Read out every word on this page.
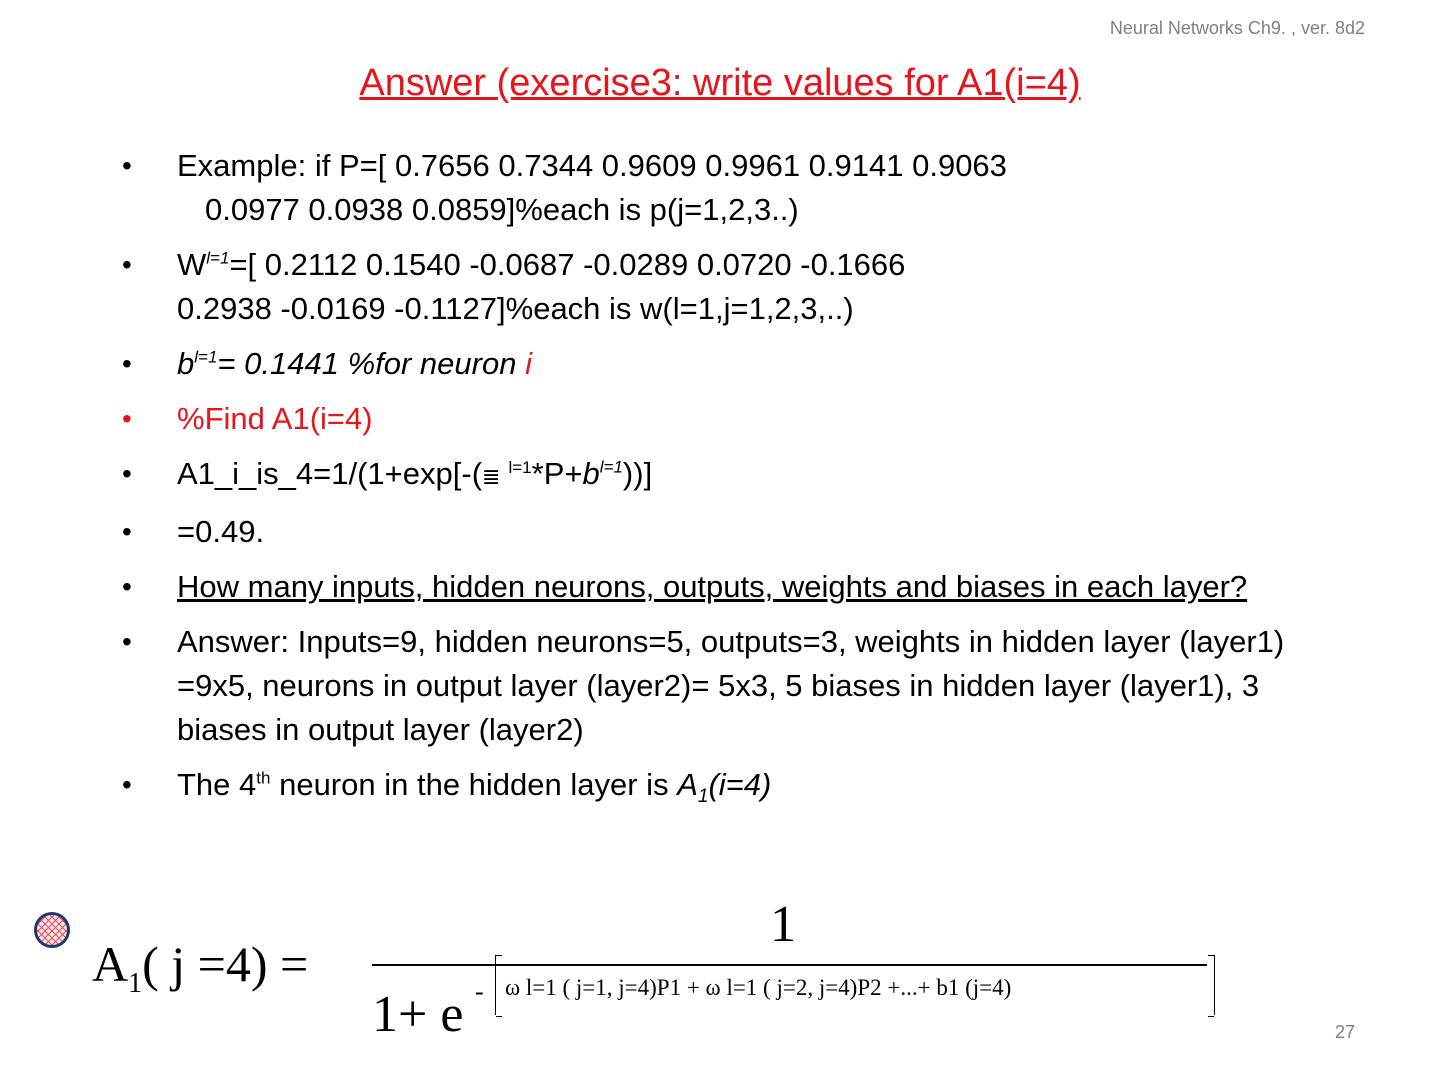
Neural Networks Ch9. , ver. 8d2
Answer (exercise3: write values for A1(i=4)
• Example: if P=[ 0.7656 0.7344 0.9609 0.9961 0.9141 0.9063
0.0977 0.0938 0.0859]%each is p(j=1,2,3..)
• $W^{l=1}=$[ 0.2112 0.1540 -0.0687 -0.0289 0.0720 -0.1666
0.2938 -0.0169 -0.1127]%each is w(l=1,j=1,2,3,..)
• $b^{l=1}= 0.1441$ %for neuron i
• %Find A1(i=4)
• A1_i_is_4=1/(1+exp[-(≣ $^{l=1}*P+b^{l=1}$))]
• =0.49.
• How many inputs, hidden neurons, outputs, weights and biases in each layer?
• Answer: Inputs=9, hidden neurons=5, outputs=3, weights in hidden layer (layer1) =9x5, neurons in output layer (layer2)= 5x3, 5 biases in hidden layer (layer1), 3 biases in output layer (layer2)
• The 4th neuron in the hidden layer is $A_1(i=4)$
$A_1$( j =4) =
1
1+ e - ω l=1 ( j=1, j=4)P1 + ω l=1 ( j=2, j=4)P2 +...+ b1 (j=4)
27
